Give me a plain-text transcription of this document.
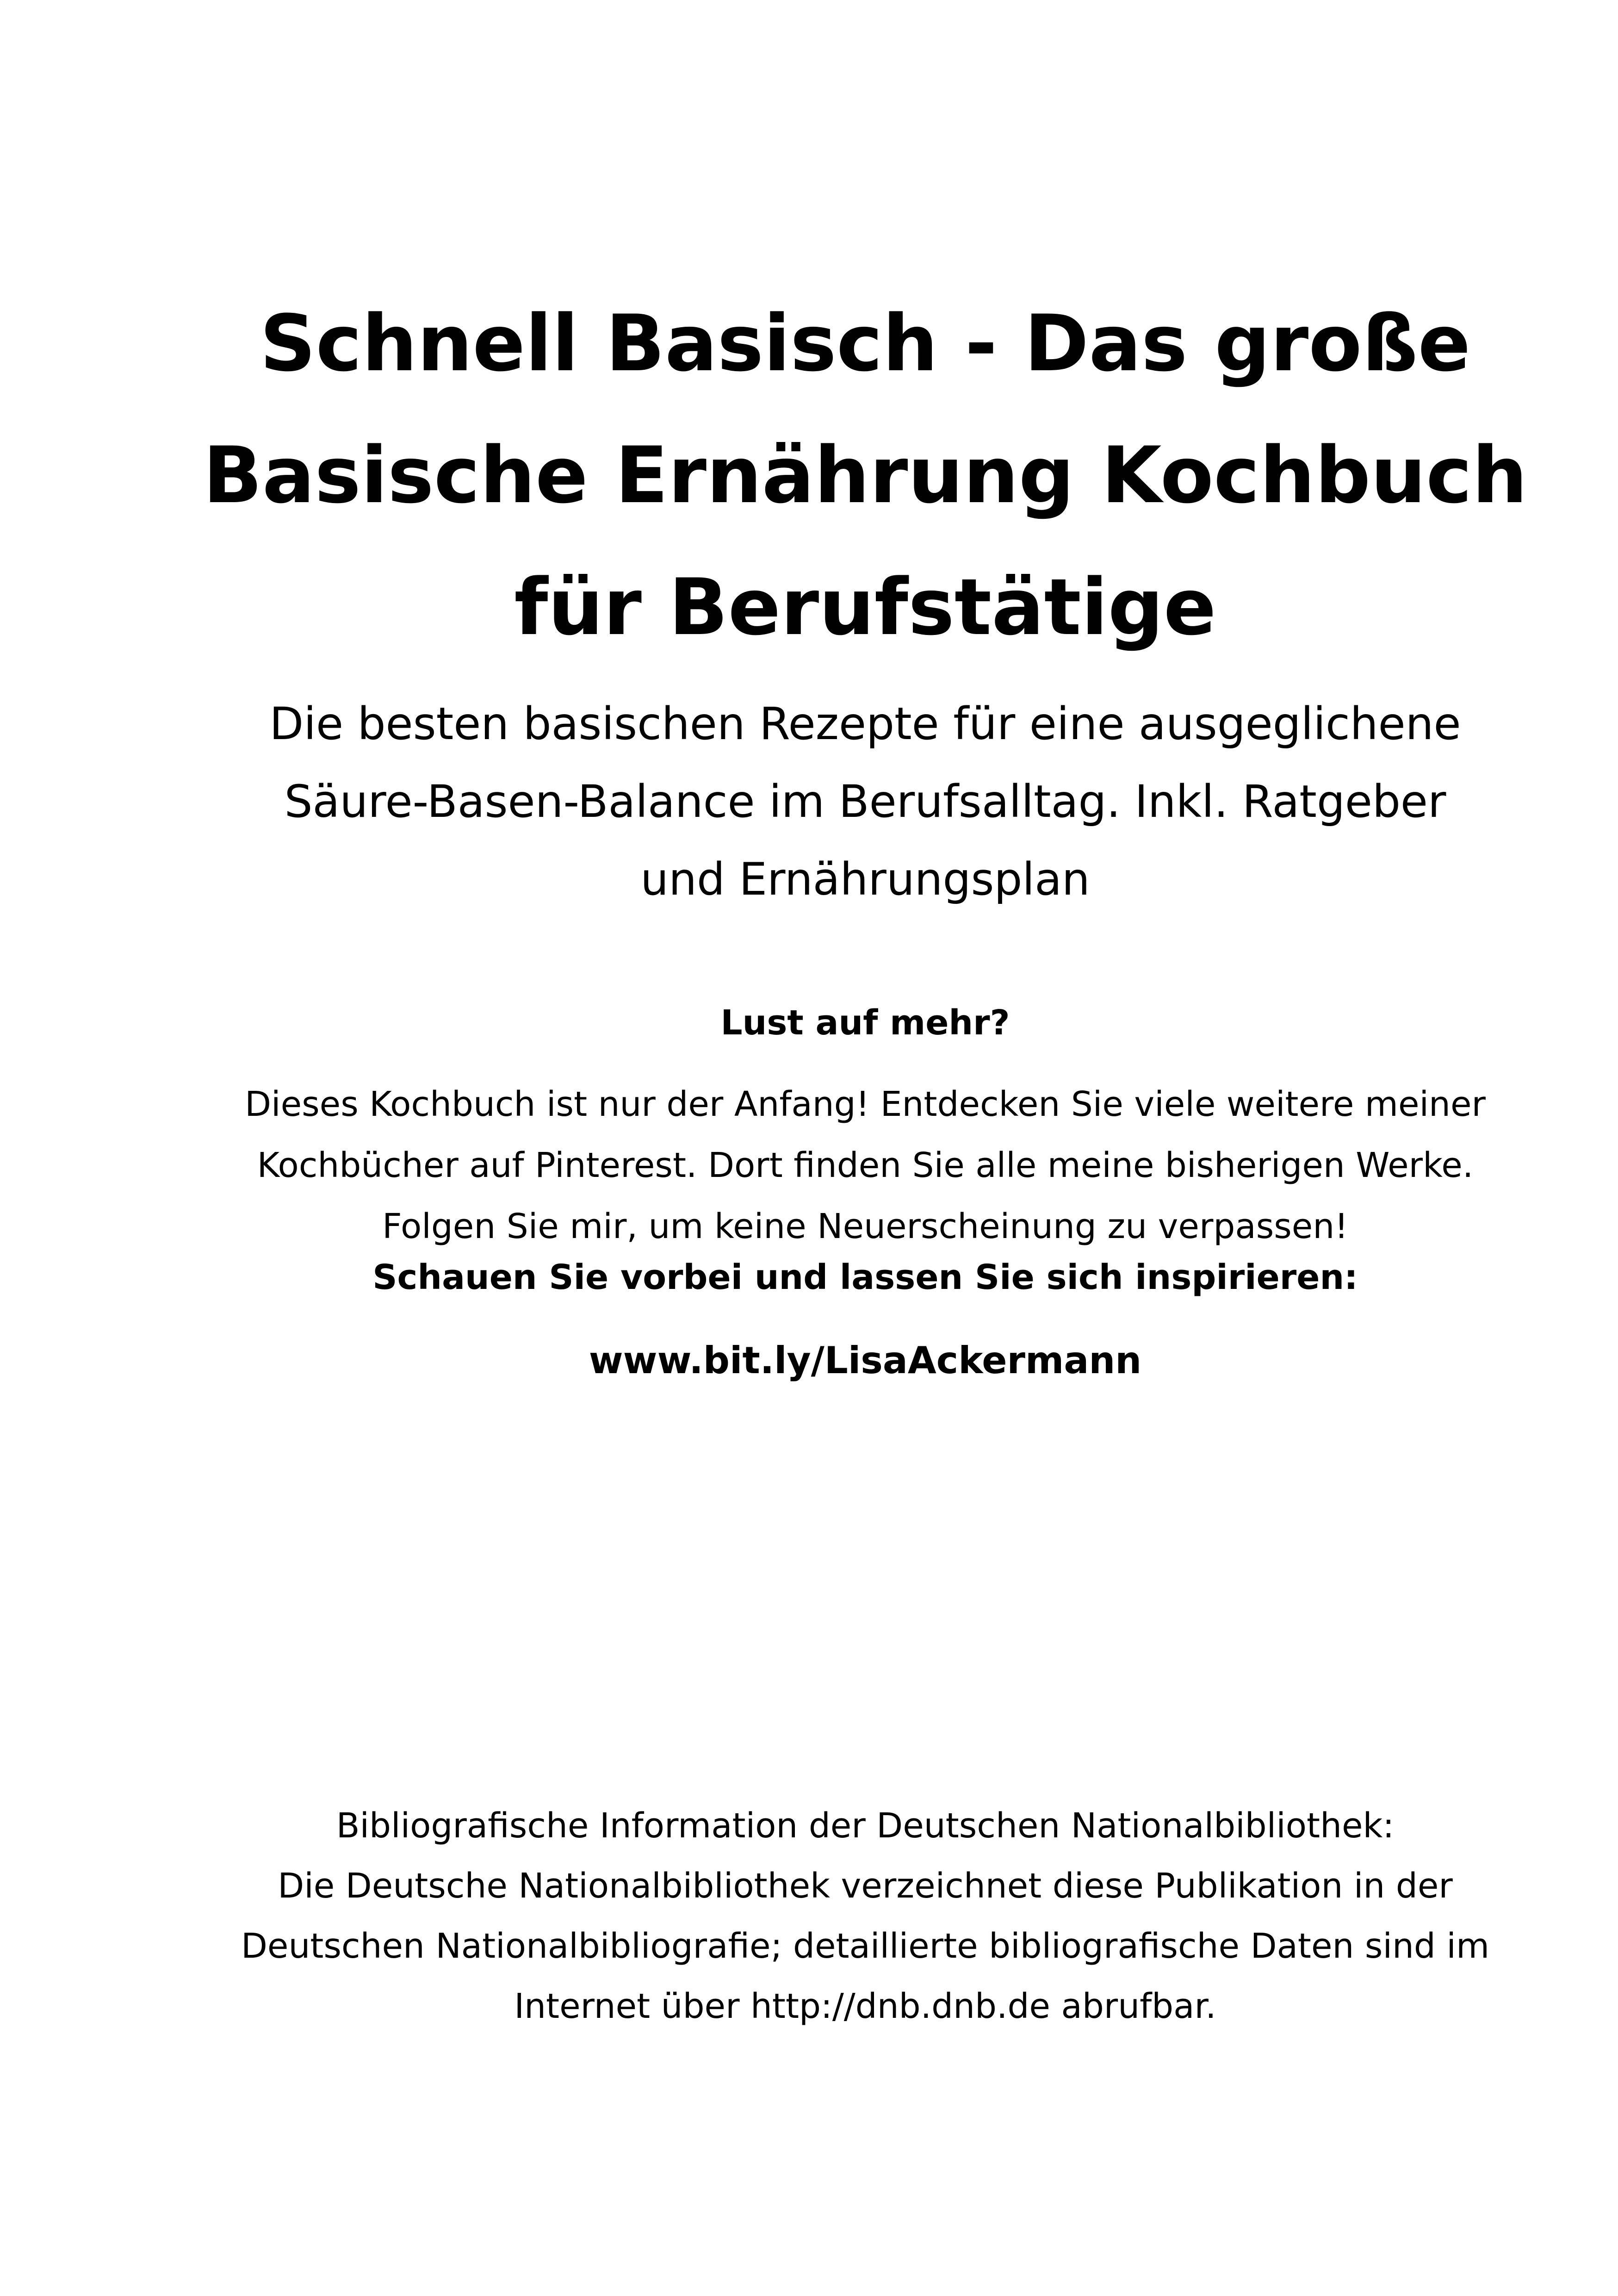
Schnell Basisch - Das große
Basische Ernährung Kochbuch
für Berufstätige

Die besten basischen Rezepte für eine ausgeglichene
Säure-Basen-Balance im Berufsalltag. Inkl. Ratgeber
und Ernährungsplan

Lust auf mehr?

Dieses Kochbuch ist nur der Anfang! Entdecken Sie viele weitere meiner
Kochbücher auf Pinterest. Dort finden Sie alle meine bisherigen Werke.
Folgen Sie mir, um keine Neuerscheinung zu verpassen!

Schauen Sie vorbei und lassen Sie sich inspirieren:

www.bit.ly/LisaAckermann

Bibliografische Information der Deutschen Nationalbibliothek:
Die Deutsche Nationalbibliothek verzeichnet diese Publikation in der
Deutschen Nationalbibliografie; detaillierte bibliografische Daten sind im
Internet über http://dnb.dnb.de abrufbar.
